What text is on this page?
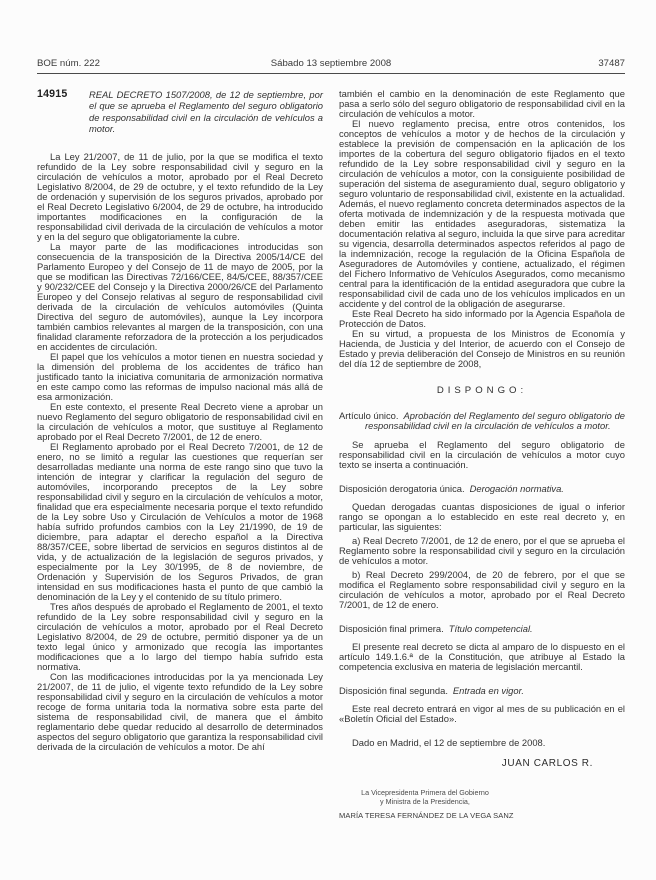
BOE núm. 222	Sábado 13 septiembre 2008	37487
14915	REAL DECRETO 1507/2008, de 12 de septiembre, por el que se aprueba el Reglamento del seguro obligatorio de responsabilidad civil en la circulación de vehículos a motor.

La Ley 21/2007, de 11 de julio, por la que se modifica el texto refundido de la Ley sobre responsabilidad civil y seguro en la circulación de vehículos a motor, aprobado por el Real Decreto Legislativo 8/2004, de 29 de octubre, y el texto refundido de la Ley de ordenación y supervisión de los seguros privados, aprobado por el Real Decreto Legislativo 6/2004, de 29 de octubre, ha introducido importantes modificaciones en la configuración de la responsabilidad civil derivada de la circulación de vehículos a motor y en la del seguro que obligatoriamente la cubre.

La mayor parte de las modificaciones introducidas son consecuencia de la transposición de la Directiva 2005/14/CE del Parlamento Europeo y del Consejo de 11 de mayo de 2005, por la que se modifican las Directivas 72/166/CEE, 84/5/CEE, 88/357/CEE y 90/232/CEE del Consejo y la Directiva 2000/26/CE del Parlamento Europeo y del Consejo relativas al seguro de responsabilidad civil derivada de la circulación de vehículos automóviles (Quinta Directiva del seguro de automóviles), aunque la Ley incorpora también cambios relevantes al margen de la transposición, con una finalidad claramente reforzadora de la protección a los perjudicados en accidentes de circulación.

El papel que los vehículos a motor tienen en nuestra sociedad y la dimensión del problema de los accidentes de tráfico han justificado tanto la iniciativa comunitaria de armonización normativa en este campo como las reformas de impulso nacional más allá de esa armonización.

En este contexto, el presente Real Decreto viene a aprobar un nuevo Reglamento del seguro obligatorio de responsabilidad civil en la circulación de vehículos a motor, que sustituye al Reglamento aprobado por el Real Decreto 7/2001, de 12 de enero.

El Reglamento aprobado por el Real Decreto 7/2001, de 12 de enero, no se limitó a regular las cuestiones que requerían ser desarrolladas mediante una norma de este rango sino que tuvo la intención de integrar y clarificar la regulación del seguro de automóviles, incorporando preceptos de la Ley sobre responsabilidad civil y seguro en la circulación de vehículos a motor, finalidad que era especialmente necesaria porque el texto refundido de la Ley sobre Uso y Circulación de Vehículos a motor de 1968 había sufrido profundos cambios con la Ley 21/1990, de 19 de diciembre, para adaptar el derecho español a la Directiva 88/357/CEE, sobre libertad de servicios en seguros distintos al de vida, y de actualización de la legislación de seguros privados, y especialmente por la Ley 30/1995, de 8 de noviembre, de Ordenación y Supervisión de los Seguros Privados, de gran intensidad en sus modificaciones hasta el punto de que cambió la denominación de la Ley y el contenido de su título primero.

Tres años después de aprobado el Reglamento de 2001, el texto refundido de la Ley sobre responsabilidad civil y seguro en la circulación de vehículos a motor, aprobado por el Real Decreto Legislativo 8/2004, de 29 de octubre, permitió disponer ya de un texto legal único y armonizado que recogía las importantes modificaciones que a lo largo del tiempo había sufrido esta normativa.

Con las modificaciones introducidas por la ya mencionada Ley 21/2007, de 11 de julio, el vigente texto refundido de la Ley sobre responsabilidad civil y seguro en la circulación de vehículos a motor recoge de forma unitaria toda la normativa sobre esta parte del sistema de responsabilidad civil, de manera que el ámbito reglamentario debe quedar reducido al desarrollo de determinados aspectos del seguro obligatorio que garantiza la responsabilidad civil derivada de la circulación de vehículos a motor. De ahí

también el cambio en la denominación de este Reglamento que pasa a serlo sólo del seguro obligatorio de responsabilidad civil en la circulación de vehículos a motor.

El nuevo reglamento precisa, entre otros contenidos, los conceptos de vehículos a motor y de hechos de la circulación y establece la previsión de compensación en la aplicación de los importes de la cobertura del seguro obligatorio fijados en el texto refundido de la Ley sobre responsabilidad civil y seguro en la circulación de vehículos a motor, con la consiguiente posibilidad de superación del sistema de aseguramiento dual, seguro obligatorio y seguro voluntario de responsabilidad civil, existente en la actualidad. Además, el nuevo reglamento concreta determinados aspectos de la oferta motivada de indemnización y de la respuesta motivada que deben emitir las entidades aseguradoras, sistematiza la documentación relativa al seguro, incluida la que sirve para acreditar su vigencia, desarrolla determinados aspectos referidos al pago de la indemnización, recoge la regulación de la Oficina Española de Aseguradores de Automóviles y contiene, actualizado, el régimen del Fichero Informativo de Vehículos Asegurados, como mecanismo central para la identificación de la entidad aseguradora que cubre la responsabilidad civil de cada uno de los vehículos implicados en un accidente y del control de la obligación de asegurarse.

Este Real Decreto ha sido informado por la Agencia Española de Protección de Datos.

En su virtud, a propuesta de los Ministros de Economía y Hacienda, de Justicia y del Interior, de acuerdo con el Consejo de Estado y previa deliberación del Consejo de Ministros en su reunión del día 12 de septiembre de 2008,

DISPONGO:

Artículo único. Aprobación del Reglamento del seguro obligatorio de responsabilidad civil en la circulación de vehículos a motor.

Se aprueba el Reglamento del seguro obligatorio de responsabilidad civil en la circulación de vehículos a motor cuyo texto se inserta a continuación.

Disposición derogatoria única. Derogación normativa.

Quedan derogadas cuantas disposiciones de igual o inferior rango se opongan a lo establecido en este real decreto y, en particular, las siguientes:

a) Real Decreto 7/2001, de 12 de enero, por el que se aprueba el Reglamento sobre la responsabilidad civil y seguro en la circulación de vehículos a motor.

b) Real Decreto 299/2004, de 20 de febrero, por el que se modifica el Reglamento sobre responsabilidad civil y seguro en la circulación de vehículos a motor, aprobado por el Real Decreto 7/2001, de 12 de enero.

Disposición final primera. Título competencial.

El presente real decreto se dicta al amparo de lo dispuesto en el artículo 149.1.6.ª de la Constitución, que atribuye al Estado la competencia exclusiva en materia de legislación mercantil.

Disposición final segunda. Entrada en vigor.

Este real decreto entrará en vigor al mes de su publicación en el «Boletín Oficial del Estado».

Dado en Madrid, el 12 de septiembre de 2008.

JUAN CARLOS R.

La Vicepresidenta Primera del Gobierno

y Ministra de la Presidencia,

MARÍA TERESA FERNÁNDEZ DE LA VEGA SANZ
